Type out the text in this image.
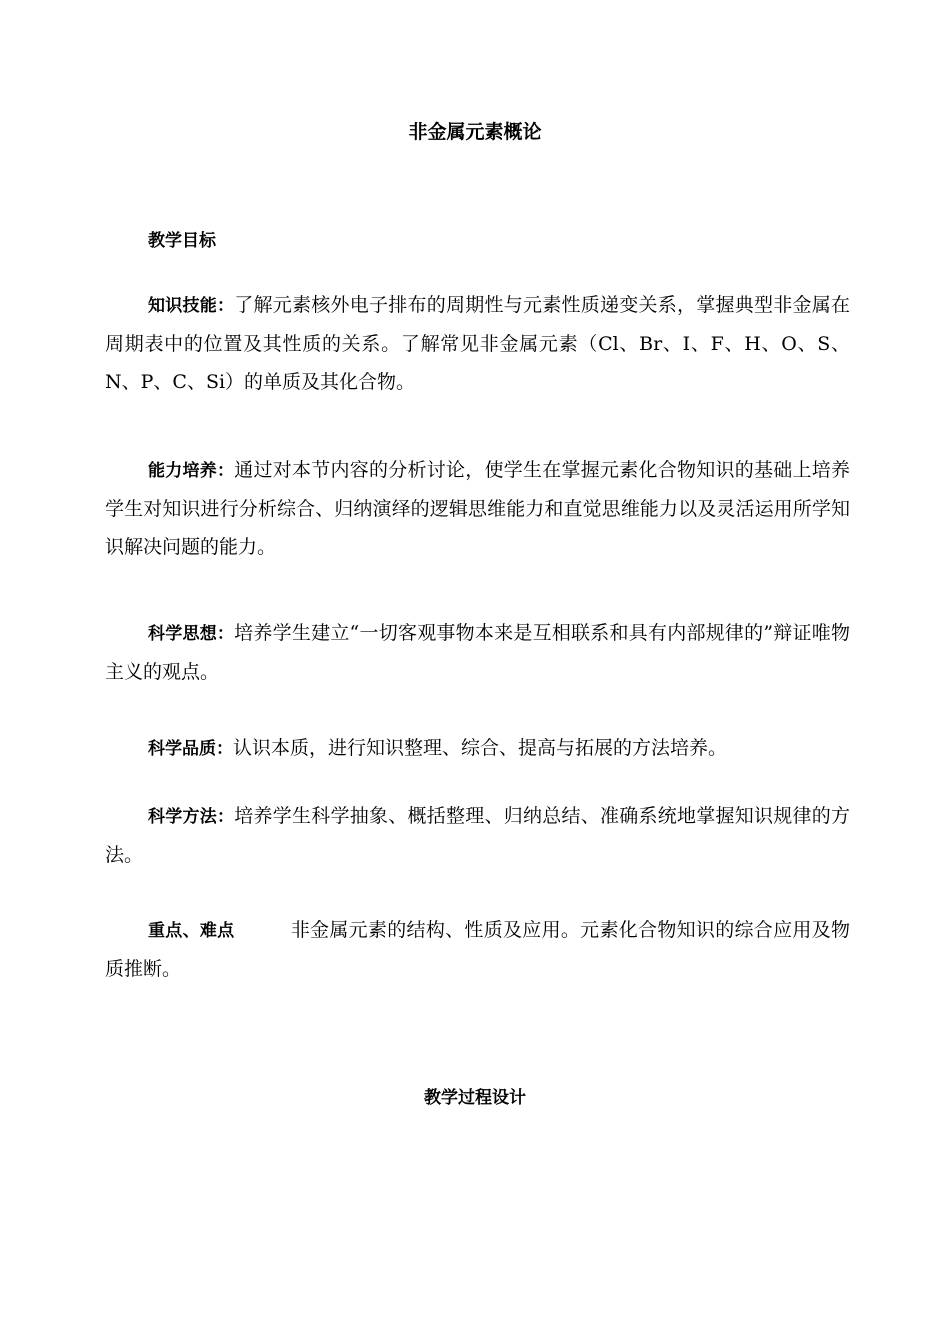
非金属元素概论
教学目标
知识技能：了解元素核外电子排布的周期性与元素性质递变关系，掌握典型非金属在周期表中的位置及其性质的关系。了解常见非金属元素（Cl、Br、I、F、H、O、S、N、P、C、Si）的单质及其化合物。
能力培养：通过对本节内容的分析讨论，使学生在掌握元素化合物知识的基础上培养学生对知识进行分析综合、归纳演绎的逻辑思维能力和直觉思维能力以及灵活运用所学知识解决问题的能力。
科学思想：培养学生建立“一切客观事物本来是互相联系和具有内部规律的”辩证唯物主义的观点。
科学品质：认识本质，进行知识整理、综合、提高与拓展的方法培养。
科学方法：培养学生科学抽象、概括整理、归纳总结、准确系统地掌握知识规律的方法。
重点、难点	非金属元素的结构、性质及应用。元素化合物知识的综合应用及物质推断。
教学过程设计
